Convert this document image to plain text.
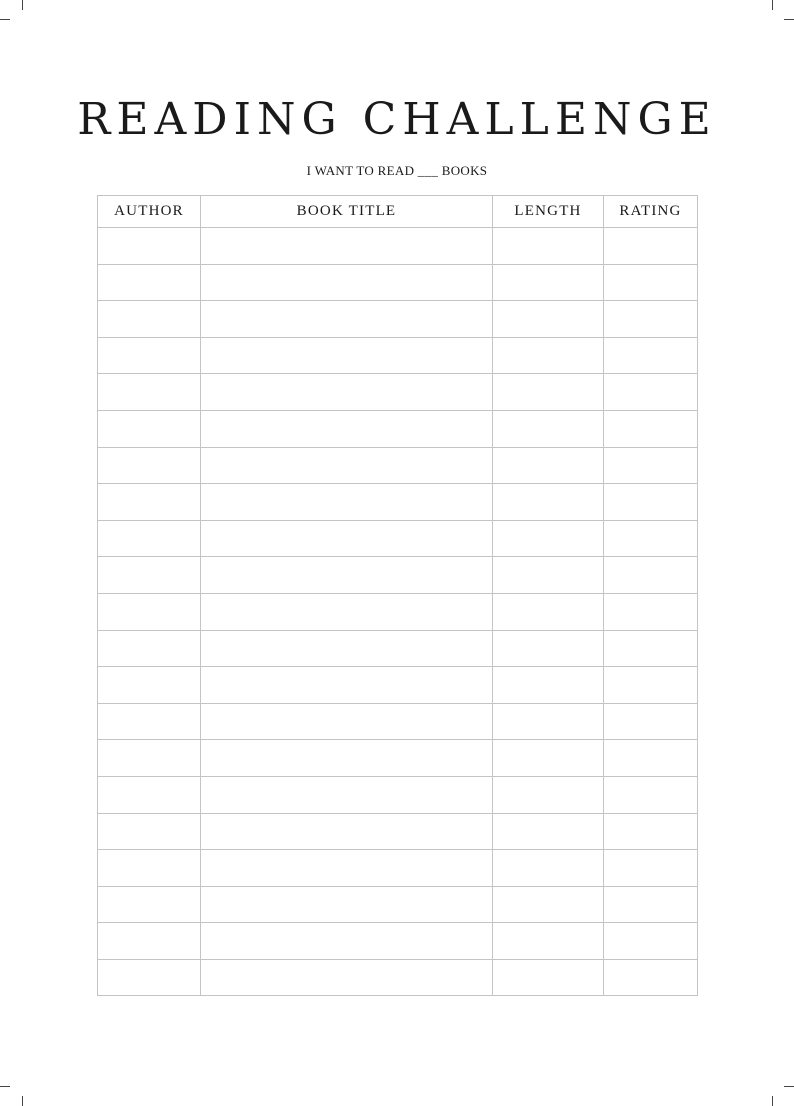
READING CHALLENGE
I WANT TO READ ___ BOOKS
AUTHOR	BOOK TITLE	LENGTH	RATING
